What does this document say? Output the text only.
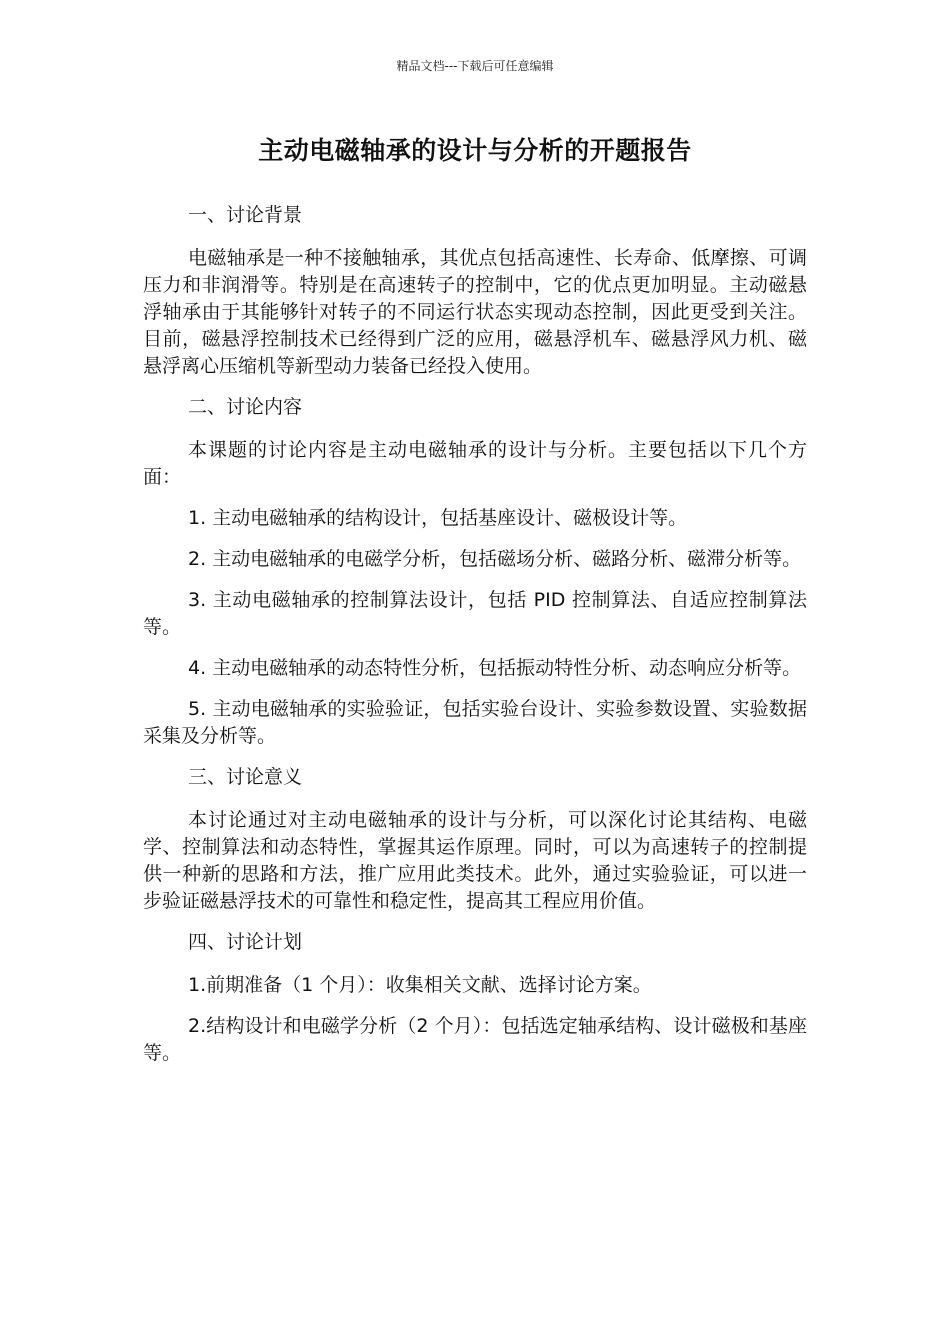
精品文档---下载后可任意编辑
主动电磁轴承的设计与分析的开题报告
一、讨论背景
电磁轴承是一种不接触轴承，其优点包括高速性、长寿命、低摩擦、可调压力和非润滑等。特别是在高速转子的控制中，它的优点更加明显。主动磁悬浮轴承由于其能够针对转子的不同运行状态实现动态控制，因此更受到关注。目前，磁悬浮控制技术已经得到广泛的应用，磁悬浮机车、磁悬浮风力机、磁悬浮离心压缩机等新型动力装备已经投入使用。
二、讨论内容
本课题的讨论内容是主动电磁轴承的设计与分析。主要包括以下几个方面：
1. 主动电磁轴承的结构设计，包括基座设计、磁极设计等。
2. 主动电磁轴承的电磁学分析，包括磁场分析、磁路分析、磁滞分析等。
3. 主动电磁轴承的控制算法设计，包括 PID 控制算法、自适应控制算法等。
4. 主动电磁轴承的动态特性分析，包括振动特性分析、动态响应分析等。
5. 主动电磁轴承的实验验证，包括实验台设计、实验参数设置、实验数据采集及分析等。
三、讨论意义
本讨论通过对主动电磁轴承的设计与分析，可以深化讨论其结构、电磁学、控制算法和动态特性，掌握其运作原理。同时，可以为高速转子的控制提供一种新的思路和方法，推广应用此类技术。此外，通过实验验证，可以进一步验证磁悬浮技术的可靠性和稳定性，提高其工程应用价值。
四、讨论计划
1.前期准备（1 个月）：收集相关文献、选择讨论方案。
2.结构设计和电磁学分析（2 个月）：包括选定轴承结构、设计磁极和基座等。
